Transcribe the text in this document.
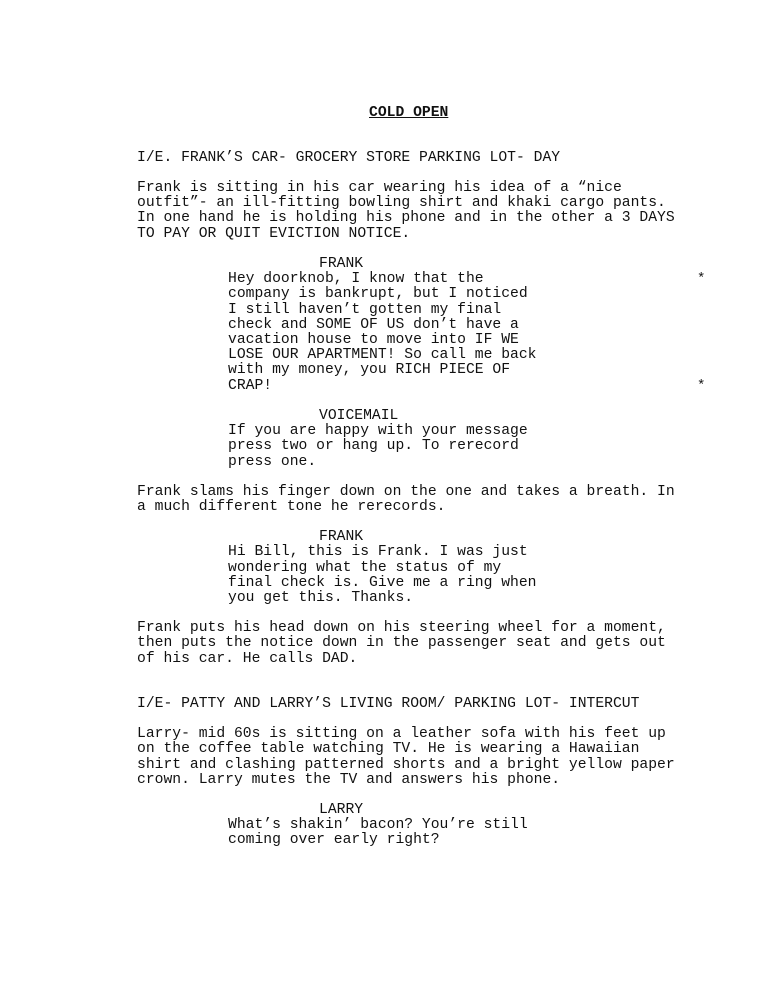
COLD OPEN
I/E. FRANK’S CAR- GROCERY STORE PARKING LOT- DAY
Frank is sitting in his car wearing his idea of a “nice
outfit”- an ill-fitting bowling shirt and khaki cargo pants.
In one hand he is holding his phone and in the other a 3 DAYS
TO PAY OR QUIT EVICTION NOTICE.
FRANK
Hey doorknob, I know that the	*
company is bankrupt, but I noticed
I still haven’t gotten my final
check and SOME OF US don’t have a
vacation house to move into IF WE
LOSE OUR APARTMENT! So call me back
with my money, you RICH PIECE OF
CRAP!	*
VOICEMAIL
If you are happy with your message
press two or hang up. To rerecord
press one.
Frank slams his finger down on the one and takes a breath. In
a much different tone he rerecords.
FRANK
Hi Bill, this is Frank. I was just
wondering what the status of my
final check is. Give me a ring when
you get this. Thanks.
Frank puts his head down on his steering wheel for a moment,
then puts the notice down in the passenger seat and gets out
of his car. He calls DAD.
I/E- PATTY AND LARRY’S LIVING ROOM/ PARKING LOT- INTERCUT
Larry- mid 60s is sitting on a leather sofa with his feet up
on the coffee table watching TV. He is wearing a Hawaiian
shirt and clashing patterned shorts and a bright yellow paper
crown. Larry mutes the TV and answers his phone.
LARRY
What’s shakin’ bacon? You’re still
coming over early right?
